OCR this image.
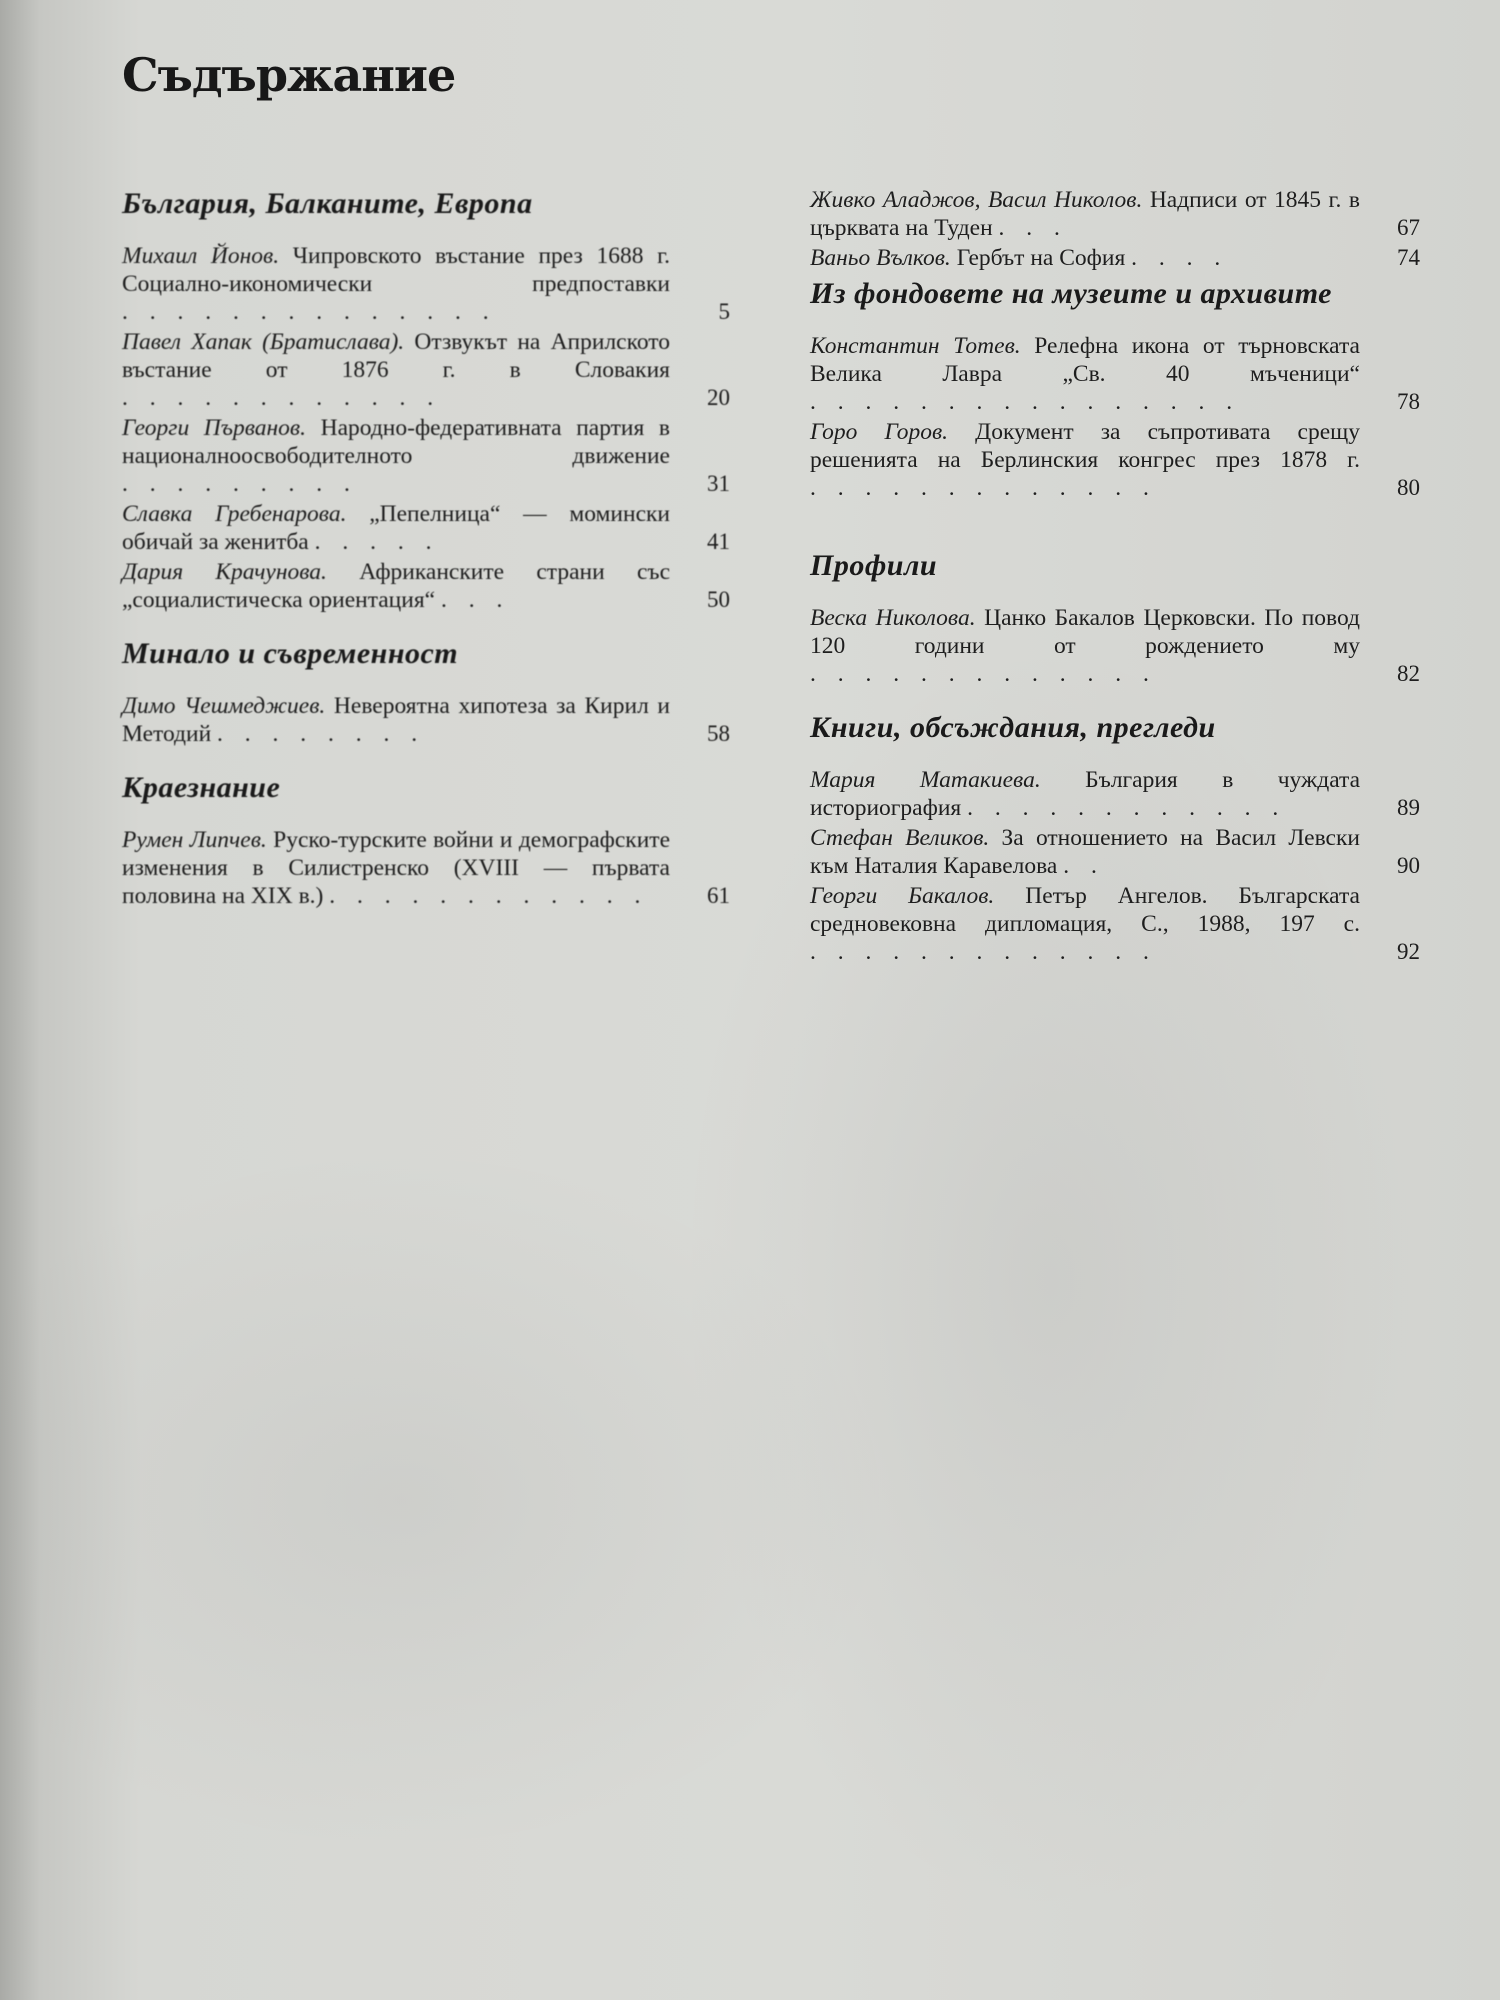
Съдържание
България, Балканите, Европа
Михаил Йонов. Чипровското въстание през 1688 г. Социално-икономически предпоставки . . . . . . . . . . . . . .	5
Павел Хапак (Братислава). Отзвукът на Априлското въстание от 1876 г. в Словакия . . . . . . . . . . . .	20
Георги Първанов. Народно-федеративната партия в националноосвободителното движение . . . . . . . . .	31
Славка Гребенарова. „Пепелница“ — момински обичай за женитба . . . . .	41
Дария Крачунова. Африканските страни със „социалистическа ориентация“ . . .	50
Минало и съвременност
Димо Чешмеджиев. Невероятна хипотеза за Кирил и Методий . . . . . . . .	58
Краезнание
Румен Липчев. Руско-турските войни и демографските изменения в Силистренско (XVIII — първата половина на XIX в.) . . . . . . . . . . . .	61
Живко Аладжов, Васил Николов. Надписи от 1845 г. в църквата на Туден . . .	67
Ваньо Вълков. Гербът на София . . . .	74
Из фондовете на музеите и архивите
Константин Тотев. Релефна икона от търновската Велика Лавра „Св. 40 мъченици“ . . . . . . . . . . . . . . . .	78
Горо Горов. Документ за съпротивата срещу решенията на Берлинския конгрес през 1878 г. . . . . . . . . . . . . .	80
Профили
Веска Николова. Цанко Бакалов Церковски. По повод 120 години от рождението му . . . . . . . . . . . . .	82
Книги, обсъждания, прегледи
Мария Матакиева. България в чуждата историография . . . . . . . . . . . .	89
Стефан Великов. За отношението на Васил Левски към Наталия Каравелова . .	90
Георги Бакалов. Петър Ангелов. Българската средновековна дипломация, С., 1988, 197 с. . . . . . . . . . . . . .	92
